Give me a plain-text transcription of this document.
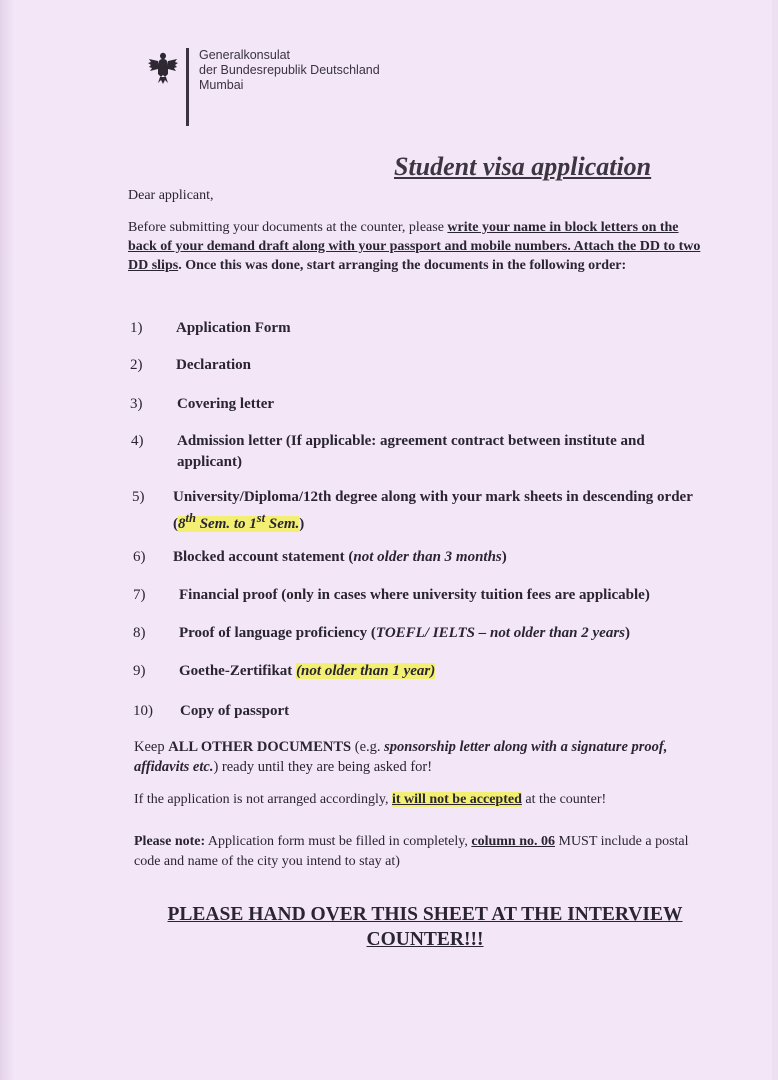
Generalkonsulat
der Bundesrepublik Deutschland
Mumbai
Student visa application
Dear applicant,
Before submitting your documents at the counter, please write your name in block letters on the back of your demand draft along with your passport and mobile numbers. Attach the DD to two DD slips. Once this was done, start arranging the documents in the following order:
1) Application Form
2) Declaration
3) Covering letter
4) Admission letter (If applicable: agreement contract between institute and applicant)
5) University/Diploma/12th degree along with your mark sheets in descending order (8th Sem. to 1st Sem.)
6) Blocked account statement (not older than 3 months)
7) Financial proof (only in cases where university tuition fees are applicable)
8) Proof of language proficiency (TOEFL/ IELTS – not older than 2 years)
9) Goethe-Zertifikat (not older than 1 year)
10) Copy of passport
Keep ALL OTHER DOCUMENTS (e.g. sponsorship letter along with a signature proof, affidavits etc.) ready until they are being asked for!
If the application is not arranged accordingly, it will not be accepted at the counter!
Please note: Application form must be filled in completely, column no. 06 MUST include a postal code and name of the city you intend to stay at)
PLEASE HAND OVER THIS SHEET AT THE INTERVIEW COUNTER!!!
